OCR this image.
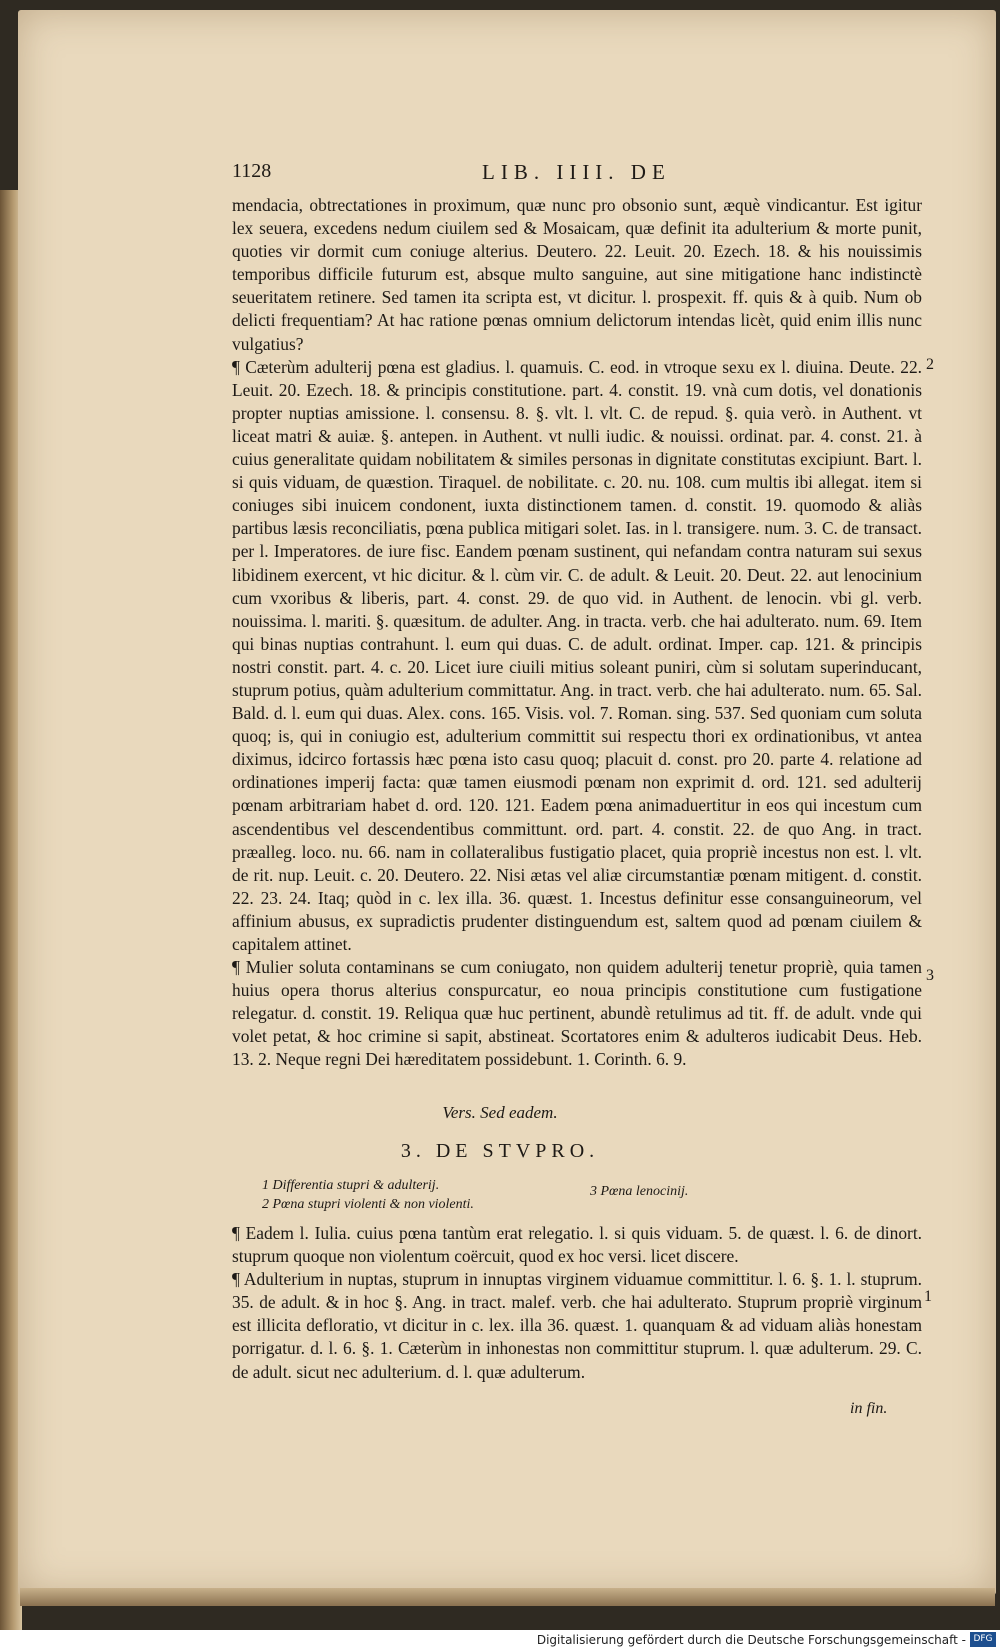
1128	LIB. IIII. DE

mendacia, obtrectationes in proximum, quæ nunc pro obsonio sunt, æquè vindicantur. Est igitur lex seuera, excedens nedum ciuilem sed & Mosaicam, quæ definit ita adulterium & morte punit, quoties vir dormit cum coniuge alterius. Deutero. 22. Leuit. 20. Ezech. 18. & his nouissimis temporibus difficile futurum est, absque multo sanguine, aut sine mitigatione hanc indistinctè seueritatem retinere. Sed tamen ita scripta est, vt dicitur. l. prospexit. ff. quis & à quib. Num ob delicti frequentiam? At hac ratione pœnas omnium delictorum intendas licèt, quid enim illis nunc vulgatius?

¶ Cæterùm adulterij pœna est gladius. l. quamuis. C. eod. in vtroque sexu ex l. diuina. Deute. 22. Leuit. 20. Ezech. 18. & principis constitutione. part. 4. constit. 19. vnà cum dotis, vel donationis propter nuptias amissione. l. consensu. 8. §. vlt. l. vlt. C. de repud. §. quia verò. in Authent. vt liceat matri & auiæ. §. antepen. in Authent. vt nulli iudic. & nouissi. ordinat. par. 4. const. 21. à cuius generalitate quidam nobilitatem & similes personas in dignitate constitutas excipiunt. Bart. l. si quis viduam, de quæstion. Tiraquel. de nobilitate. c. 20. nu. 108. cum multis ibi allegat. item si coniuges sibi inuicem condonent, iuxta distinctionem tamen. d. constit. 19. quomodo & aliàs partibus læsis reconciliatis, pœna publica mitigari solet. Ias. in l. transigere. num. 3. C. de transact. per l. Imperatores. de iure fisc. Eandem pœnam sustinent, qui nefandam contra naturam sui sexus libidinem exercent, vt hic dicitur. & l. cùm vir. C. de adult. & Leuit. 20. Deut. 22. aut lenocinium cum vxoribus & liberis, part. 4. const. 29. de quo vid. in Authent. de lenocin. vbi gl. verb. nouissima. l. mariti. §. quæsitum. de adulter. Ang. in tracta. verb. che hai adulterato. num. 69. Item qui binas nuptias contrahunt. l. eum qui duas. C. de adult. ordinat. Imper. cap. 121. & principis nostri constit. part. 4. c. 20. Licet iure ciuili mitius soleant puniri, cùm si solutam superinducant, stuprum potius, quàm adulterium committatur. Ang. in tract. verb. che hai adulterato. num. 65. Sal. Bald. d. l. eum qui duas. Alex. cons. 165. Visis. vol. 7. Roman. sing. 537. Sed quoniam cum soluta quoq; is, qui in coniugio est, adulterium committit sui respectu thori ex ordinationibus, vt antea diximus, idcirco fortassis hæc pœna isto casu quoq; placuit d. const. pro 20. parte 4. relatione ad ordinationes imperij facta: quæ tamen eiusmodi pœnam non exprimit d. ord. 121. sed adulterij pœnam arbitrariam habet d. ord. 120. 121. Eadem pœna animaduertitur in eos qui incestum cum ascendentibus vel descendentibus committunt. ord. part. 4. constit. 22. de quo Ang. in tract. præalleg. loco. nu. 66. nam in collateralibus fustigatio placet, quia propriè incestus non est. l. vlt. de rit. nup. Leuit. c. 20. Deutero. 22. Nisi ætas vel aliæ circumstantiæ pœnam mitigent. d. constit. 22. 23. 24. Itaq; quòd in c. lex illa. 36. quæst. 1. Incestus definitur esse consanguineorum, vel affinium abusus, ex supradictis prudenter distinguendum est, saltem quod ad pœnam ciuilem & capitalem attinet.

¶ Mulier soluta contaminans se cum coniugato, non quidem adulterij tenetur propriè, quia tamen huius opera thorus alterius conspurcatur, eo noua principis constitutione cum fustigatione relegatur. d. constit. 19. Reliqua quæ huc pertinent, abundè retulimus ad tit. ff. de adult. vnde qui volet petat, & hoc crimine si sapit, abstineat. Scortatores enim & adulteros iudicabit Deus. Heb. 13. 2. Neque regni Dei hæreditatem possidebunt. 1. Corinth. 6. 9.

2
3
Vers. Sed eadem.
3. DE STVPRO.
1 Differentia stupri & adulterij.
2 Pœna stupri violenti & non violenti.
3 Pœna lenocinij.

¶ Eadem l. Iulia. cuius pœna tantùm erat relegatio. l. si quis viduam. 5. de quæst. l. 6. de dinort. stuprum quoque non violentum coërcuit, quod ex hoc versi. licet discere.

¶ Adulterium in nuptas, stuprum in innuptas virginem viduamue committitur. l. 6. §. 1. l. stuprum. 35. de adult. & in hoc §. Ang. in tract. malef. verb. che hai adulterato. Stuprum propriè virginum est illicita defloratio, vt dicitur in c. lex. illa 36. quæst. 1. quanquam & ad viduam aliàs honestam porrigatur. d. l. 6. §. 1. Cæterùm in inhonestas non committitur stuprum. l. quæ adulterum. 29. C. de adult. sicut nec adulterium. d. l. quæ adulterum.

1
in fin.
Digitalisierung gefördert durch die Deutsche Forschungsgemeinschaft - DFG
